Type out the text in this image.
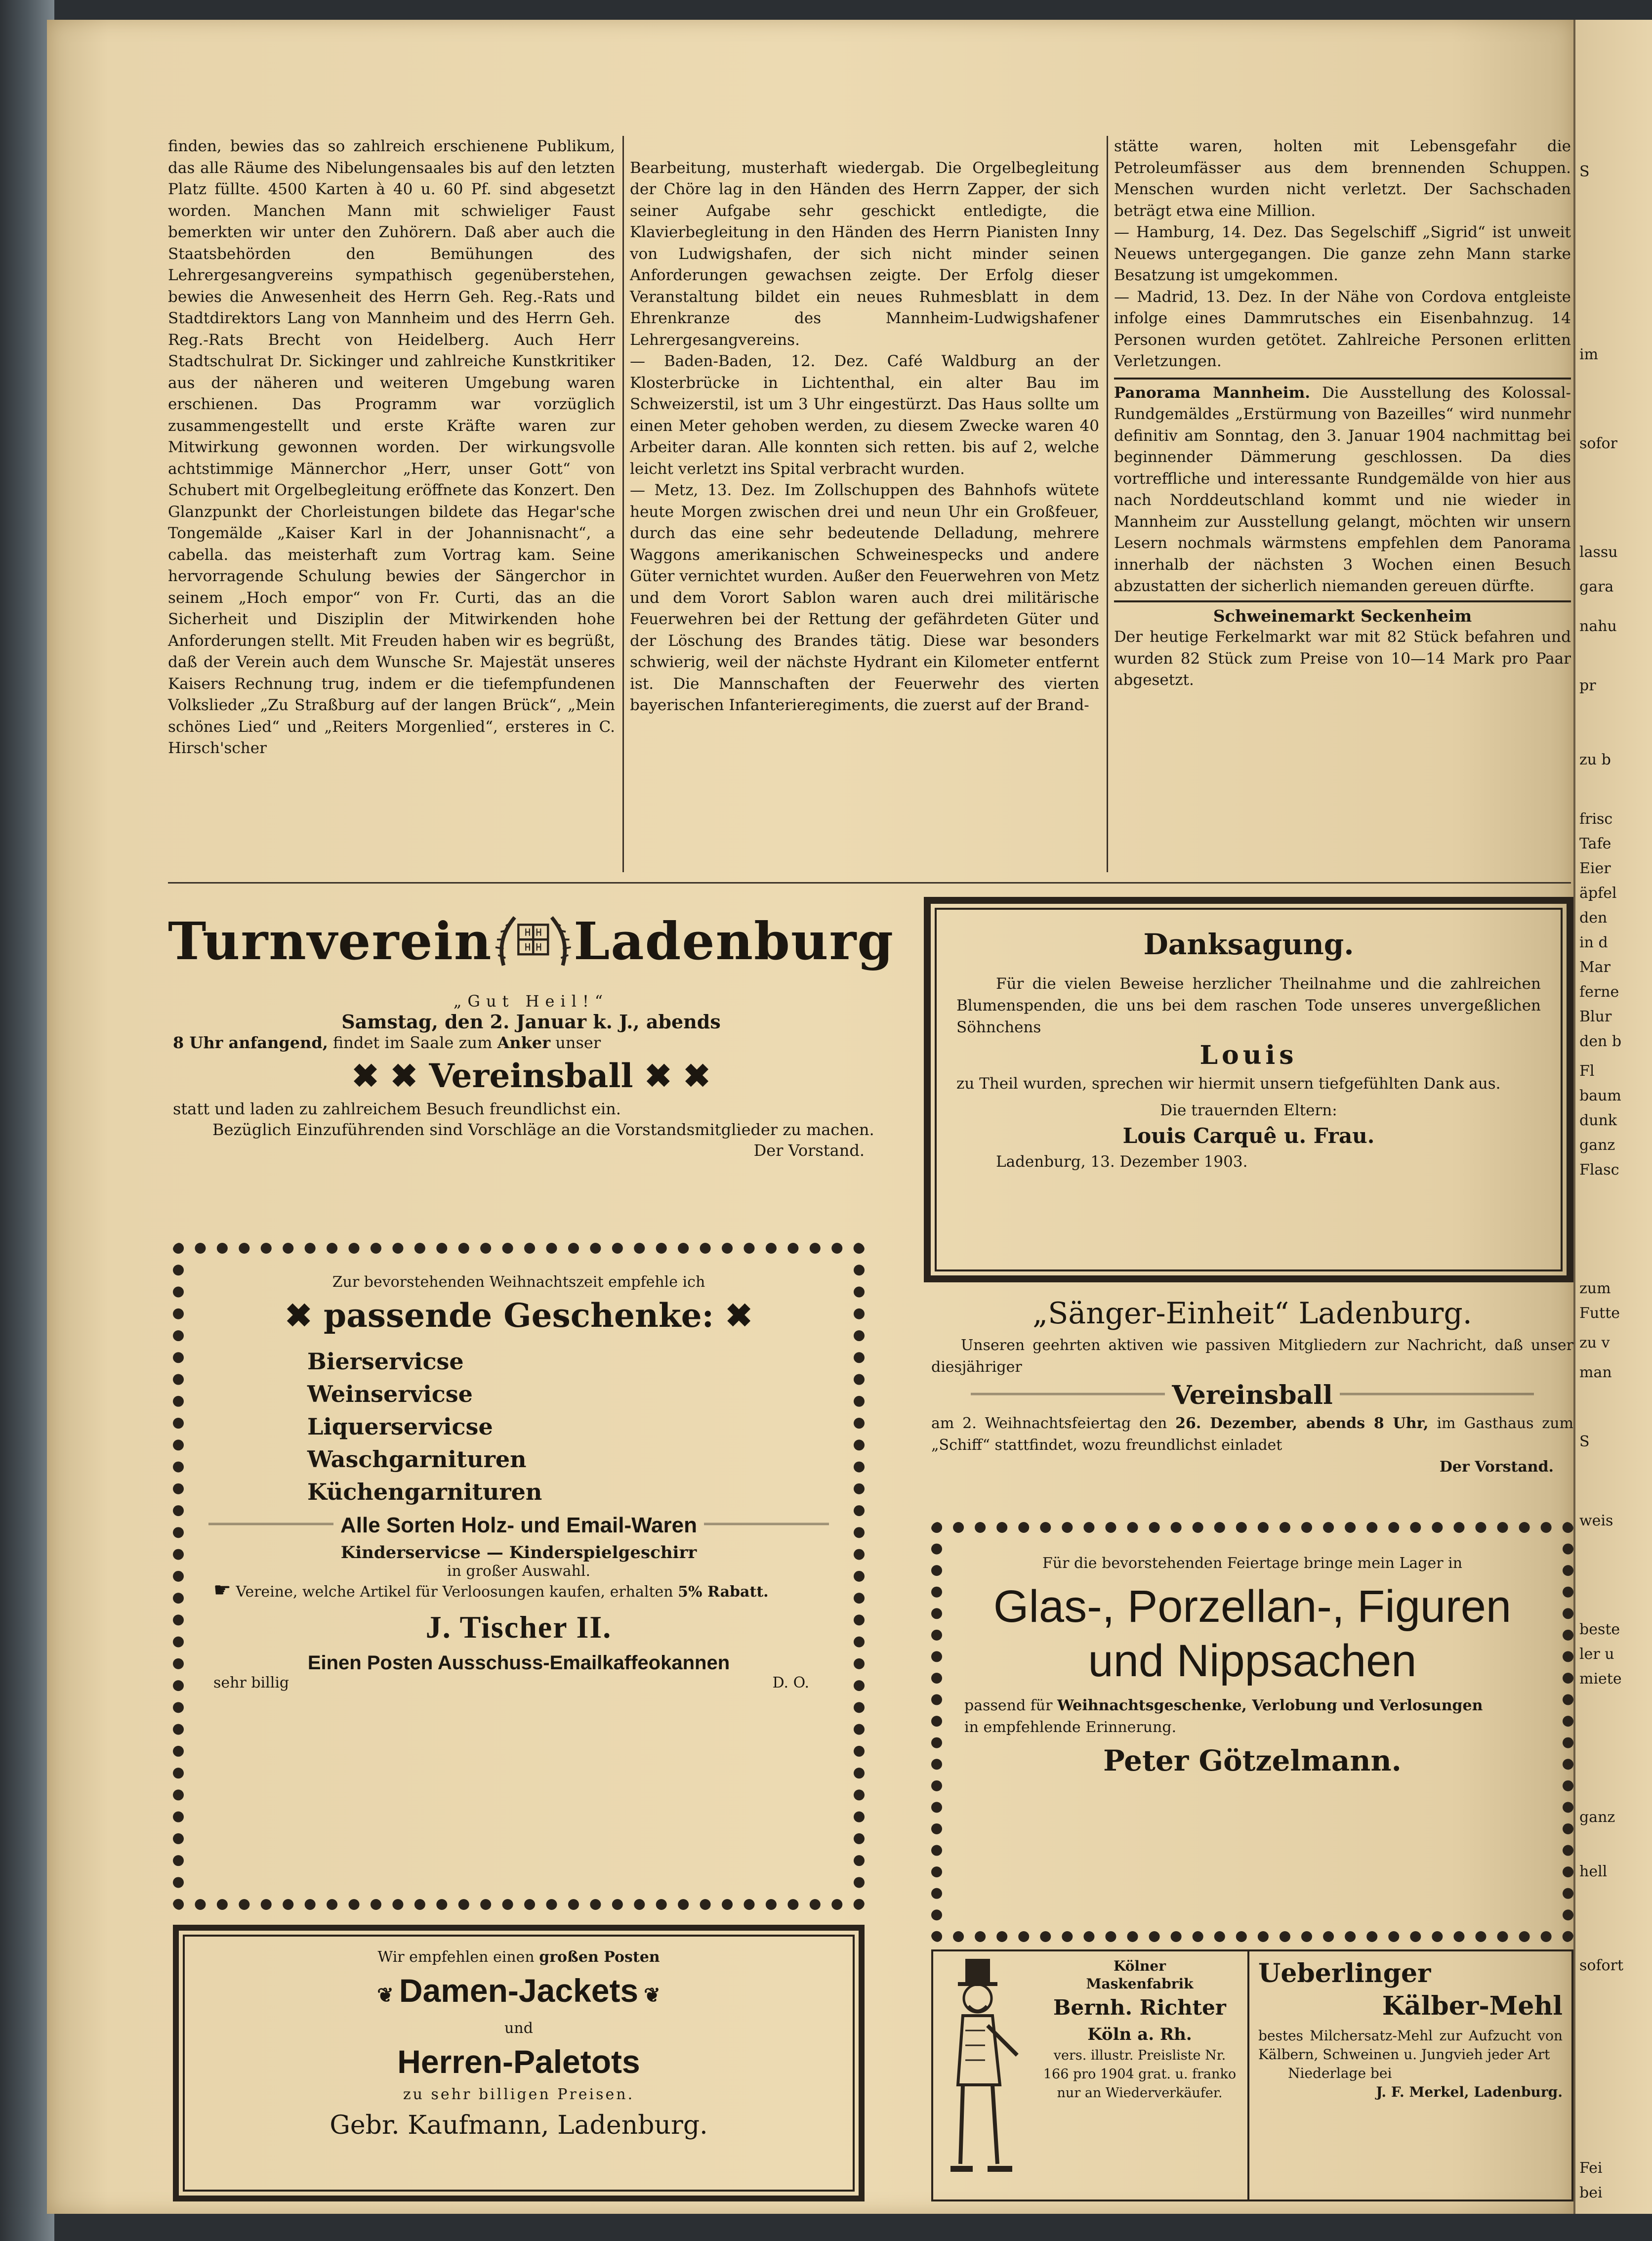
finden, bewies das so zahlreich erschienene Publikum, das alle Räume des Nibelungensaales bis auf den letzten Platz füllte. 4500 Karten à 40 u. 60 Pf. sind abgesetzt worden. Manchen Mann mit schwieliger Faust bemerkten wir unter den Zuhörern. Daß aber auch die Staatsbehörden den Bemühungen des Lehrergesangvereins sympathisch gegenüberstehen, bewies die Anwesenheit des Herrn Geh. Reg.-Rats und Stadtdirektors Lang von Mannheim und des Herrn Geh. Reg.-Rats Brecht von Heidelberg. Auch Herr Stadtschulrat Dr. Sickinger und zahlreiche Kunstkritiker aus der näheren und weiteren Umgebung waren erschienen. Das Programm war vorzüglich zusammengestellt und erste Kräfte waren zur Mitwirkung gewonnen worden. Der wirkungsvolle achtstimmige Männerchor „Herr, unser Gott“ von Schubert mit Orgelbegleitung eröffnete das Konzert. Den Glanzpunkt der Chorleistungen bildete das Hegar'sche Tongemälde „Kaiser Karl in der Johannisnacht“, a cabella. das meisterhaft zum Vortrag kam. Seine hervorragende Schulung bewies der Sängerchor in seinem „Hoch empor“ von Fr. Curti, das an die Sicherheit und Disziplin der Mitwirkenden hohe Anforderungen stellt. Mit Freuden haben wir es begrüßt, daß der Verein auch dem Wunsche Sr. Majestät unseres Kaisers Rechnung trug, indem er die tiefempfundenen Volkslieder „Zu Straßburg auf der langen Brück“, „Mein schönes Lied“ und „Reiters Morgenlied“, ersteres in C. Hirsch'scher

Bearbeitung, musterhaft wiedergab. Die Orgelbegleitung der Chöre lag in den Händen des Herrn Zapper, der sich seiner Aufgabe sehr geschickt entledigte, die Klavierbegleitung in den Händen des Herrn Pianisten Inny von Ludwigshafen, der sich nicht minder seinen Anforderungen gewachsen zeigte. Der Erfolg dieser Veranstaltung bildet ein neues Ruhmesblatt in dem Ehrenkranze des Mannheim-Ludwigshafener Lehrergesangvereins.
— Baden-Baden, 12. Dez. Café Waldburg an der Klosterbrücke in Lichtenthal, ein alter Bau im Schweizerstil, ist um 3 Uhr eingestürzt. Das Haus sollte um einen Meter gehoben werden, zu diesem Zwecke waren 40 Arbeiter daran. Alle konnten sich retten. bis auf 2, welche leicht verletzt ins Spital verbracht wurden.
— Metz, 13. Dez. Im Zollschuppen des Bahnhofs wütete heute Morgen zwischen drei und neun Uhr ein Großfeuer, durch das eine sehr bedeutende Delladung, mehrere Waggons amerikanischen Schweinespecks und andere Güter vernichtet wurden. Außer den Feuerwehren von Metz und dem Vorort Sablon waren auch drei militärische Feuerwehren bei der Rettung der gefährdeten Güter und der Löschung des Brandes tätig. Diese war besonders schwierig, weil der nächste Hydrant ein Kilometer entfernt ist. Die Mannschaften der Feuerwehr des vierten bayerischen Infanterieregiments, die zuerst auf der Brand-

stätte waren, holten mit Lebensgefahr die Petroleumfässer aus dem brennenden Schuppen. Menschen wurden nicht verletzt. Der Sachschaden beträgt etwa eine Million.
— Hamburg, 14. Dez. Das Segelschiff „Sigrid“ ist unweit Neuews untergegangen. Die ganze zehn Mann starke Besatzung ist umgekommen.
— Madrid, 13. Dez. In der Nähe von Cordova entgleiste infolge eines Dammrutsches ein Eisenbahnzug. 14 Personen wurden getötet. Zahlreiche Personen erlitten Verletzungen.

Panorama Mannheim. Die Ausstellung des Kolossal-Rundgemäldes „Erstürmung von Bazeilles“ wird nunmehr definitiv am Sonntag, den 3. Januar 1904 nachmittag bei beginnender Dämmerung geschlossen. Da dies vortreffliche und interessante Rundgemälde von hier aus nach Norddeutschland kommt und nie wieder in Mannheim zur Ausstellung gelangt, möchten wir unsern Lesern nochmals wärmstens empfehlen dem Panorama innerhalb der nächsten 3 Wochen einen Besuch abzustatten der sicherlich niemanden gereuen dürfte.

Schweinemarkt Seckenheim

Der heutige Ferkelmarkt war mit 82 Stück befahren und wurden 82 Stück zum Preise von 10—14 Mark pro Paar abgesetzt.

Turnverein Ladenburg
„Gut Heil!“
Samstag, den 2. Januar k. J., abends
8 Uhr anfangend, findet im Saale zum Anker unser
✖ ✖ Vereinsball ✖ ✖
statt und laden zu zahlreichem Besuch freundlichst ein.
Bezüglich Einzuführenden sind Vorschläge an die Vorstandsmitglieder zu machen.
Der Vorstand.
Danksagung.
Für die vielen Beweise herzlicher Theilnahme und die zahlreichen Blumenspenden, die uns bei dem raschen Tode unseres unvergeßlichen Söhnchens
Louis
zu Theil wurden, sprechen wir hiermit unsern tiefgefühlten Dank aus.
Die trauernden Eltern:
Louis Carquê u. Frau.
Ladenburg, 13. Dezember 1903.
Zur bevorstehenden Weihnachtszeit empfehle ich
✖ passende Geschenke: ✖
Bierservicse
Weinservicse
Liquerservicse
Waschgarnituren
Küchengarnituren
Alle Sorten Holz- und Email-Waren
Kinderservicse — Kinderspielgeschirr
in großer Auswahl.
☛ Vereine, welche Artikel für Verloosungen kaufen, erhalten 5% Rabatt.
J. Tischer II.
Einen Posten Ausschuss-Emailkaffeokannen
sehr billig	D. O.
„Sänger-Einheit“ Ladenburg.
Unseren geehrten aktiven wie passiven Mitgliedern zur Nachricht, daß unser diesjähriger
Vereinsball
am 2. Weihnachtsfeiertag den 26. Dezember, abends 8 Uhr, im Gasthaus zum „Schiff“ stattfindet, wozu freundlichst einladet
Der Vorstand.
Für die bevorstehenden Feiertage bringe mein Lager in
Glas-, Porzellan-, Figuren
und Nippsachen
passend für Weihnachtsgeschenke, Verlobung und Verlosungen
in empfehlende Erinnerung.
Peter Götzelmann.
Wir empfehlen einen großen Posten
❦ Damen-Jackets ❦
und
Herren-Paletots
zu sehr billigen Preisen.
Gebr. Kaufmann, Ladenburg.
Kölner
Maskenfabrik
Bernh. Richter
Köln a. Rh.
vers. illustr. Preisliste Nr. 166 pro 1904 grat. u. franko nur an Wiederverkäufer.
Ueberlinger
Kälber-Mehl
bestes Milchersatz-Mehl zur Aufzucht von Kälbern, Schweinen u. Jungvieh jeder Art
Niederlage bei
J. F. Merkel, Ladenburg.
S
im
sofor
lassu
gara
nahu
pr
zu b
frisc
Tafe
Eier
äpfel
den
in d
Mar
ferne
Blur
den b
Fl
baum
dunk
ganz
Flasc
zum
Futte
zu v
man
S
weis
beste
ler u
miete
ganz
hell
sofort
Fei
bei
